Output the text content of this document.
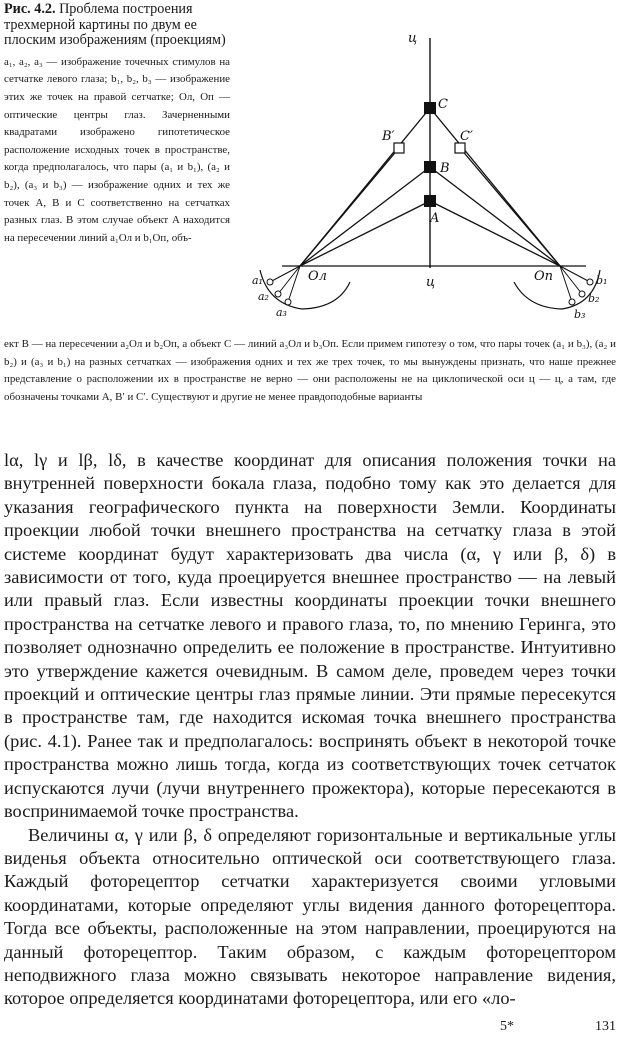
Рис. 4.2. Проблема построения трехмерной картины по двум ее плоским изображениям (проекциям)

a₁, a₂, a₃ — изображение точечных стимулов на сетчатке левого глаза; b₁, b₂, b₃ — изображение этих же точек на правой сетчатке; Oл, Oп — оптические центры глаз. Зачерненными квадратами изображено гипотетическое расположение исходных точек в пространстве, когда предполагалось, что пары (a₁ и b₁), (a₂ и b₂), (a₃ и b₃) — изображение одних и тех же точек A, B и C соответственно на сетчатках разных глаз. В этом случае объект A находится на пересечении линий a₁Oл и b₁Oп, объ-

ц
ц
C
B
A
B′	C′
Oл	Oп
a₁
a₂
a₃
b₁
b₂
b₃

ект B — на пересечении a₂Oл и b₂Oп, а объект C — линий a₃Oл и b₃Oп. Если примем гипотезу о том, что пары точек (a₁ и b₃), (a₂ и b₂) и (a₃ и b₁) на разных сетчатках — изображения одних и тех же трех точек, то мы вынуждены признать, что наше прежнее представление о расположении их в пространстве не верно — они расположены не на циклопической оси ц — ц, а там, где обозначены точками A, B′ и C′. Существуют и другие не менее правдоподобные варианты

lα, lγ и lβ, lδ, в качестве координат для описания положения точки на внутренней поверхности бокала глаза, подобно тому как это делается для указания географического пункта на поверхности Земли. Координаты проекции любой точки внешнего пространства на сетчатку глаза в этой системе координат будут характеризовать два числа (α, γ или β, δ) в зависимости от того, куда проецируется внешнее пространство — на левый или правый глаз. Если известны координаты проекции точки внешнего пространства на сетчатке левого и правого глаза, то, по мнению Геринга, это позволяет однозначно определить ее положение в пространстве. Интуитивно это утверждение кажется очевидным. В самом деле, проведем через точки проекций и оптические центры глаз прямые линии. Эти прямые пересекутся в пространстве там, где находится искомая точка внешнего пространства (рис. 4.1). Ранее так и предполагалось: воспринять объект в некоторой точке пространства можно лишь тогда, когда из соответствующих точек сетчаток испускаются лучи (лучи внутреннего прожектора), которые пересекаются в воспринимаемой точке пространства.
Величины α, γ или β, δ определяют горизонтальные и вертикальные углы виденья объекта относительно оптической оси соответствующего глаза. Каждый фоторецептор сетчатки характеризуется своими угловыми координатами, которые определяют углы видения данного фоторецептора. Тогда все объекты, расположенные на этом направлении, проецируются на данный фоторецептор. Таким образом, с каждым фоторецептором неподвижного глаза можно связывать некоторое направление видения, которое определяется координатами фоторецептора, или его «ло-
5*	131
